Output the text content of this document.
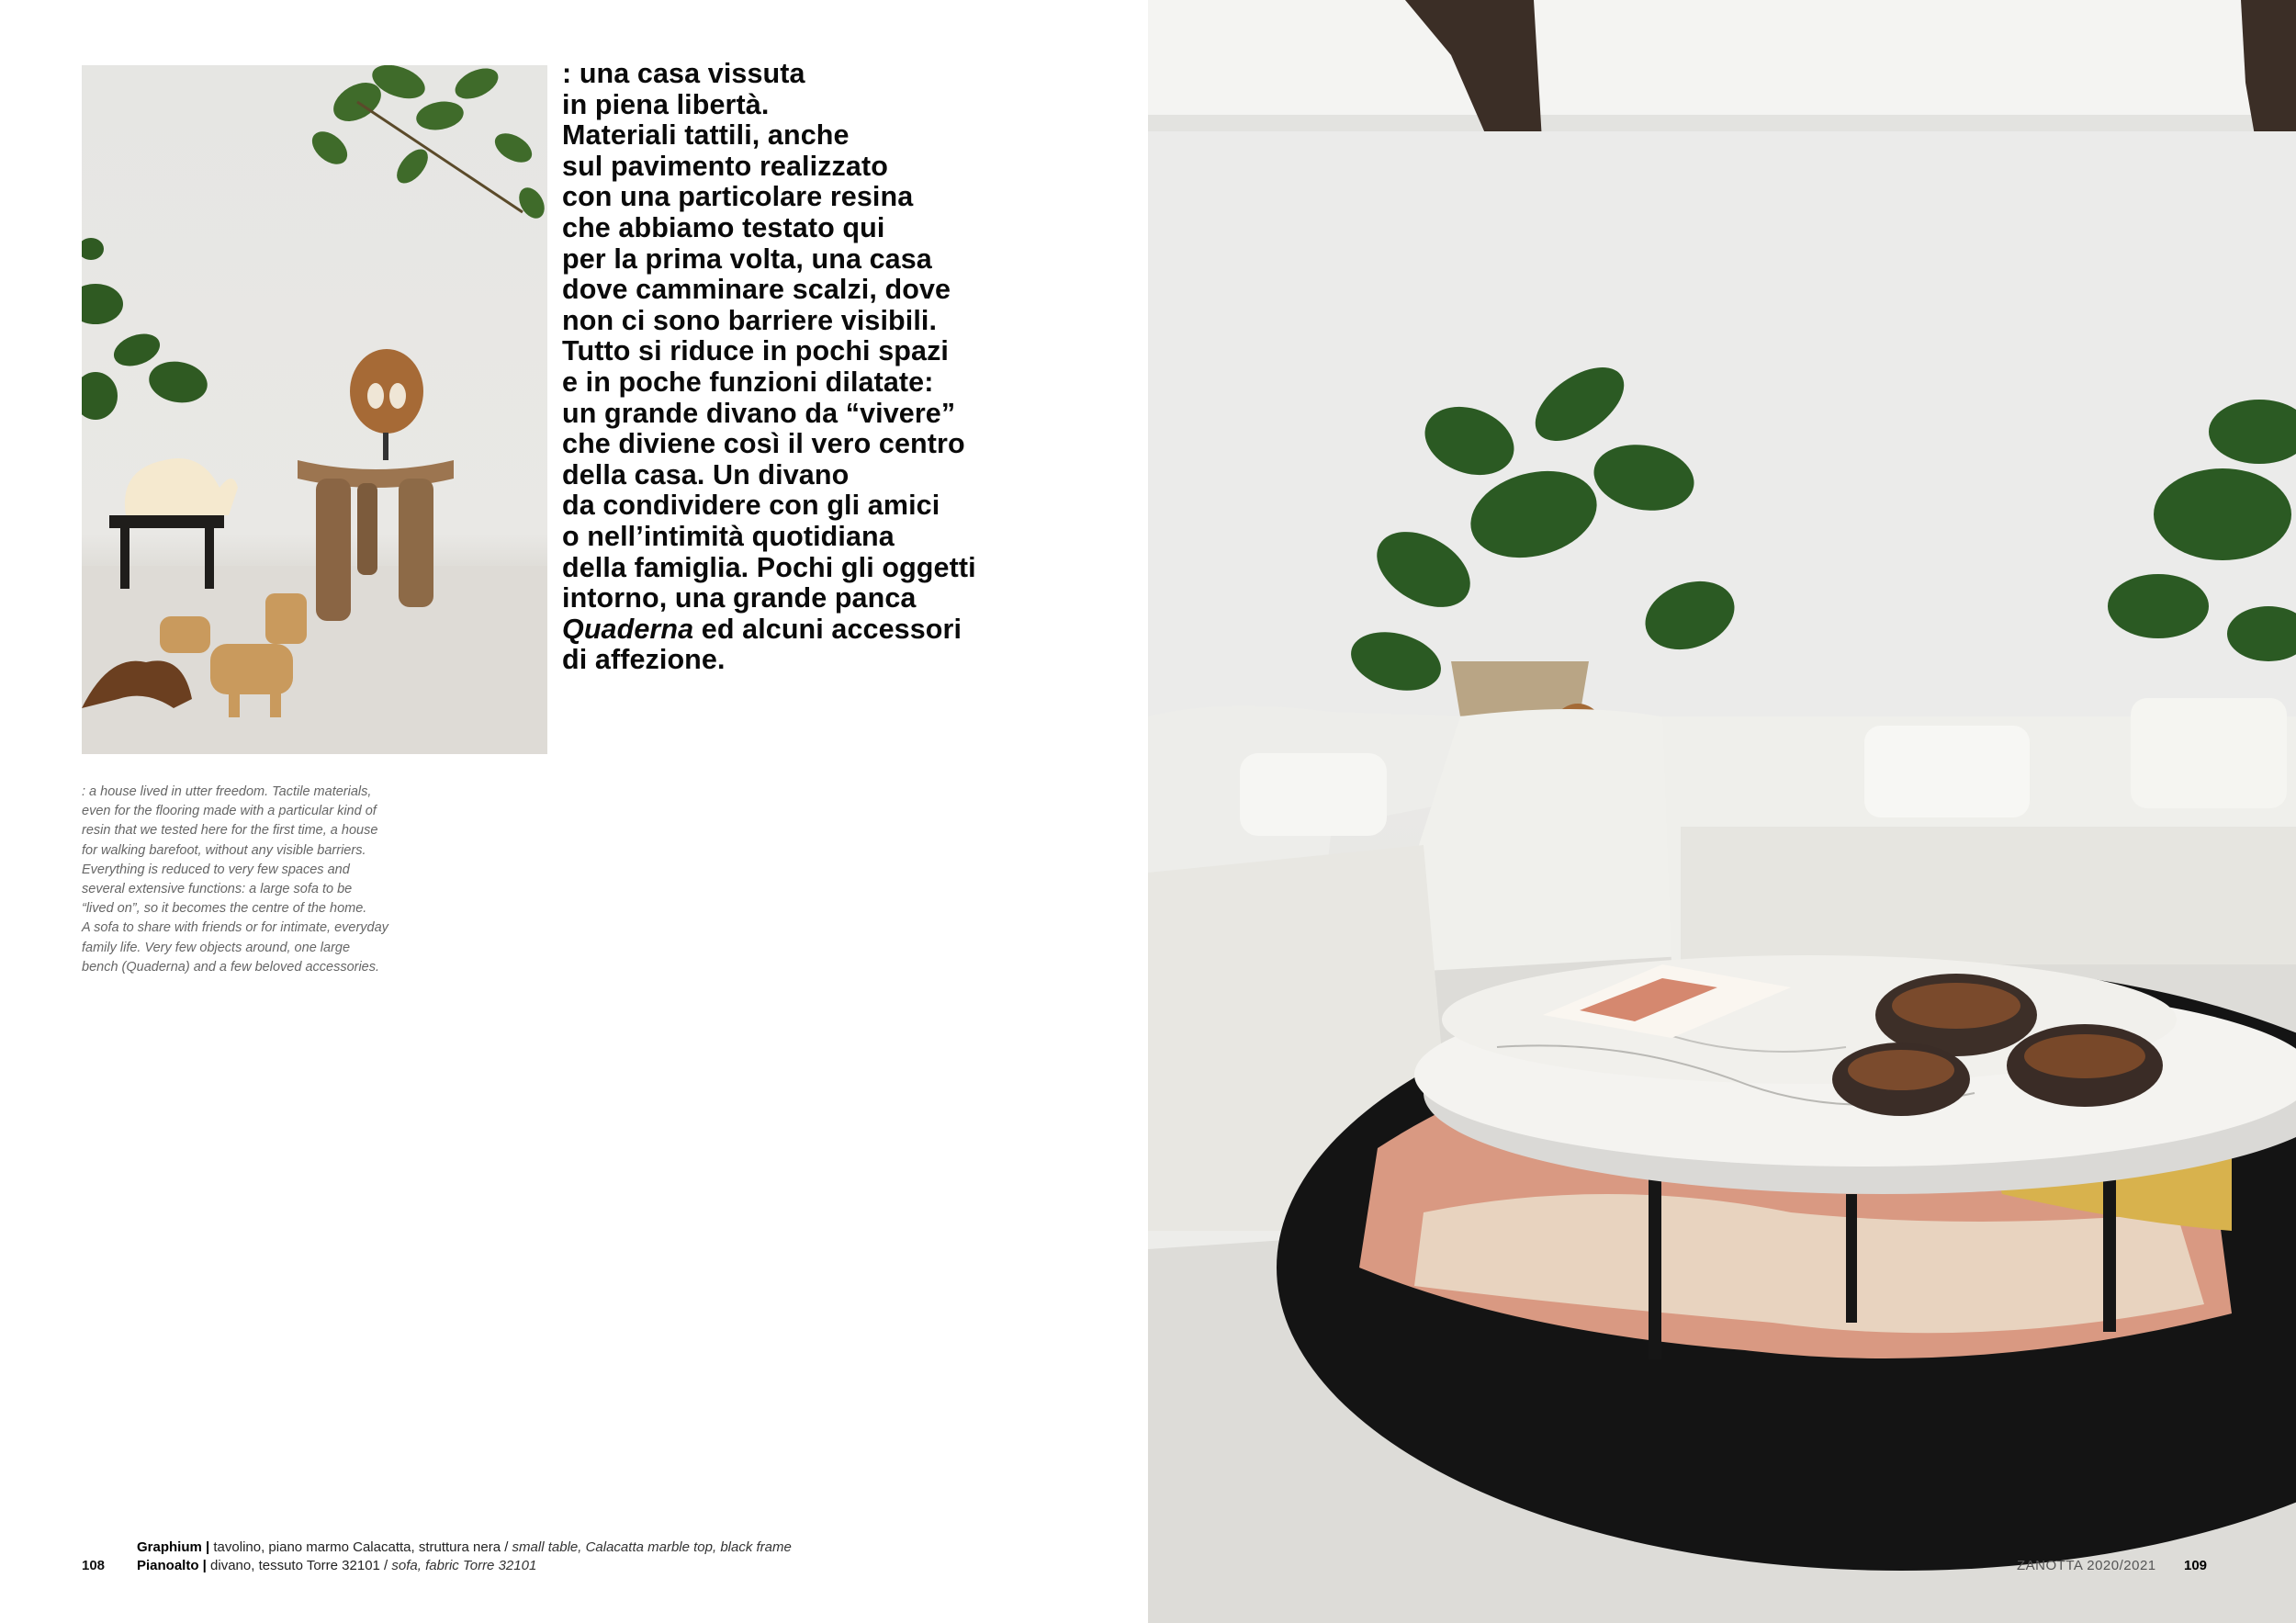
: una casa vissuta
in piena libertà.
Materiali tattili, anche
sul pavimento realizzato
con una particolare resina
che abbiamo testato qui
per la prima volta, una casa
dove camminare scalzi, dove
non ci sono barriere visibili.
Tutto si riduce in pochi spazi
e in poche funzioni dilatate:
un grande divano da “vivere”
che diviene così il vero centro
della casa. Un divano
da condividere con gli amici
o nell’intimità quotidiana
della famiglia. Pochi gli oggetti
intorno, una grande panca
Quaderna ed alcuni accessori
di affezione.
: a house lived in utter freedom. Tactile materials,
even for the flooring made with a particular kind of
resin that we tested here for the first time, a house
for walking barefoot, without any visible barriers.
Everything is reduced to very few spaces and
several extensive functions: a large sofa to be
“lived on”, so it becomes the centre of the home.
A sofa to share with friends or for intimate, everyday
family life. Very few objects around, one large
bench (Quaderna) and a few beloved accessories.
Graphium | tavolino, piano marmo Calacatta, struttura nera / small table, Calacatta marble top, black frame
Pianoalto | divano, tessuto Torre 32101 / sofa, fabric Torre 32101
108	ZANOTTA 2020/2021 109
